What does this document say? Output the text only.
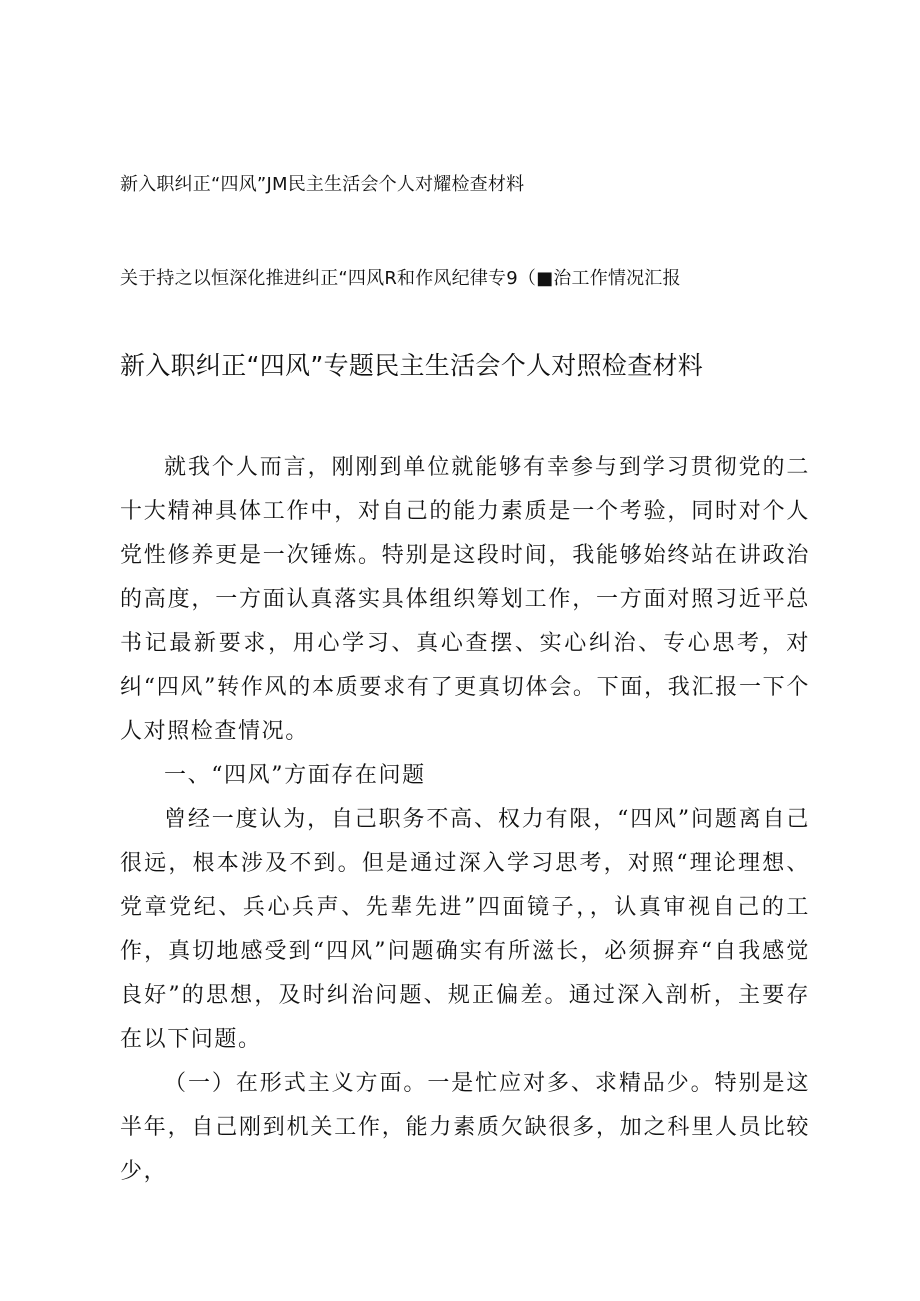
新入职纠正“四风”JM民主生活会个人对耀检查材料
关于持之以恒深化推进纠正“四风R和作风纪律专9（■治工作情况汇报
新入职纠正“四风”专题民主生活会个人对照检查材料

就我个人而言，刚刚到单位就能够有幸参与到学习贯彻党的二十大精神具体工作中，对自己的能力素质是一个考验，同时对个人党性修养更是一次锤炼。特别是这段时间，我能够始终站在讲政治的高度，一方面认真落实具体组织筹划工作，一方面对照习近平总书记最新要求，用心学习、真心查摆、实心纠治、专心思考，对纠“四风”转作风的本质要求有了更真切体会。下面，我汇报一下个人对照检查情况。

一、“四风”方面存在问题

曾经一度认为，自己职务不高、权力有限，“四风”问题离自己很远，根本涉及不到。但是通过深入学习思考，对照“理论理想、党章党纪、兵心兵声、先辈先进”四面镜子，，认真审视自己的工作，真切地感受到“四风”问题确实有所滋长，必须摒弃“自我感觉良好”的思想，及时纠治问题、规正偏差。通过深入剖析，主要存在以下问题。

（一）在形式主义方面。一是忙应对多、求精品少。特别是这半年，自己刚到机关工作，能力素质欠缺很多，加之科里人员比较少，
